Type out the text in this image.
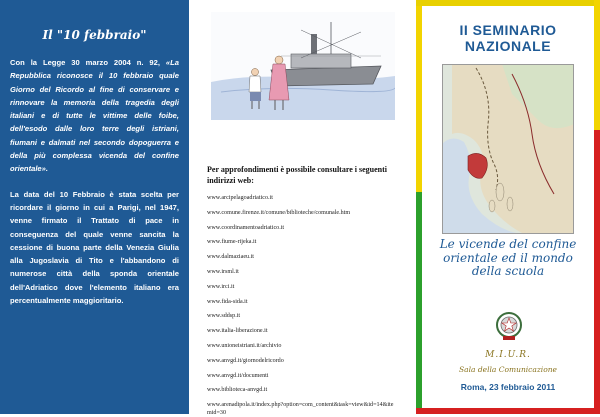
Il "10 febbraio"

Con la Legge 30 marzo 2004 n. 92, «La Repubblica riconosce il 10 febbraio quale Giorno del Ricordo al fine di conservare e rinnovare la memoria della tragedia degli italiani e di tutte le vittime delle foibe, dell'esodo dalle loro terre degli istriani, fiumani e dalmati nel secondo dopoguerra e della più complessa vicenda del confine orientale».

La data del 10 Febbraio è stata scelta per ricordare il giorno in cui a Parigi, nel 1947, venne firmato il Trattato di pace in conseguenza del quale venne sancita la cessione di buona parte della Venezia Giulia alla Jugoslavia di Tito e l'abbandono di numerose città della sponda orientale dell'Adriatico dove l'elemento italiano era percentualmente maggioritario.

Per approfondimenti è possibile consultare i seguenti indirizzi web:
www.arcipelagoadriatico.it
www.comune.firenze.it/comune/biblioteche/comunale.htm
www.coordinamentoadriatico.it
www.fiume-rijeka.it
www.dalmaziaeu.it
www.irsml.it
www.irci.it
www.fida-sida.it
www.sddsp.it
www.italia-liberazione.it
www.unioneistriani.it/archivio
www.anvgd.it/giornodelricordo
www.anvgd.it/documenti
www.biblioteca-anvgd.it
www.arenadipola.it/index.php?option=com_content&task=view&id=14&itemid=30
II SEMINARIO
NAZIONALE
Le vicende del confine orientale ed il mondo della scuola
M.I.U.R.
Sala della Comunicazione
Roma, 23 febbraio 2011
